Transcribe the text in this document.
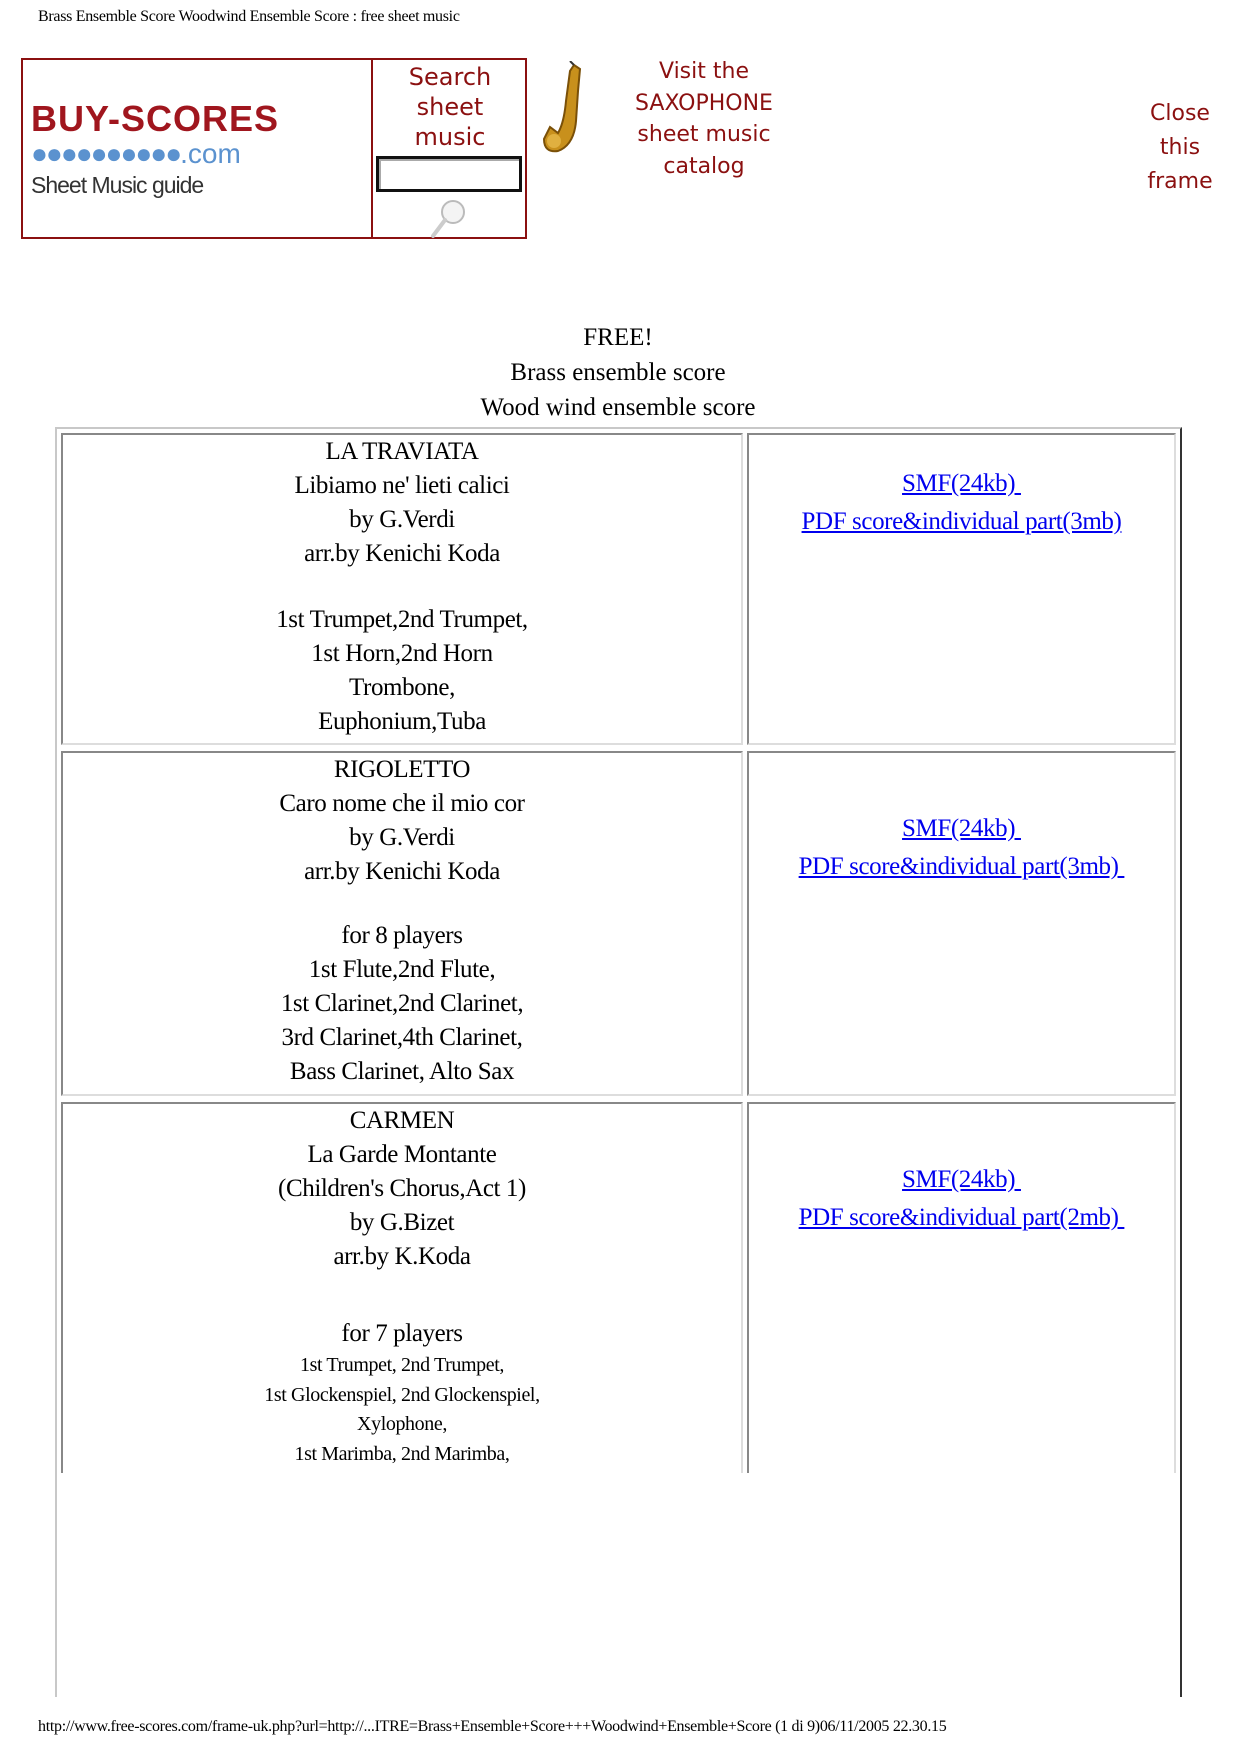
Brass Ensemble Score Woodwind Ensemble Score : free sheet music
BUY-SCORES
●●●●●●●●●●.com
Sheet Music guide
Search
sheet
music
Visit the
SAXOPHONE
sheet music
catalog
Close
this
frame
FREE!
Brass ensemble score
Wood wind ensemble score
LA TRAVIATA
Libiamo ne' lieti calici
by G.Verdi
arr.by Kenichi Koda
1st Trumpet,2nd Trumpet,
1st Horn,2nd Horn
Trombone,
Euphonium,Tuba
SMF(24kb)
PDF score&individual part(3mb)
RIGOLETTO
Caro nome che il mio cor
by G.Verdi
arr.by Kenichi Koda
for 8 players
1st Flute,2nd Flute,
1st Clarinet,2nd Clarinet,
3rd Clarinet,4th Clarinet,
Bass Clarinet, Alto Sax
SMF(24kb)
PDF score&individual part(3mb)
CARMEN
La Garde Montante
(Children's Chorus,Act 1)
by G.Bizet
arr.by K.Koda
for 7 players
1st Trumpet, 2nd Trumpet,
1st Glockenspiel, 2nd Glockenspiel,
Xylophone,
1st Marimba, 2nd Marimba,
SMF(24kb)
PDF score&individual part(2mb)
http://www.free-scores.com/frame-uk.php?url=http://...ITRE=Brass+Ensemble+Score+++Woodwind+Ensemble+Score (1 di 9)06/11/2005 22.30.15
